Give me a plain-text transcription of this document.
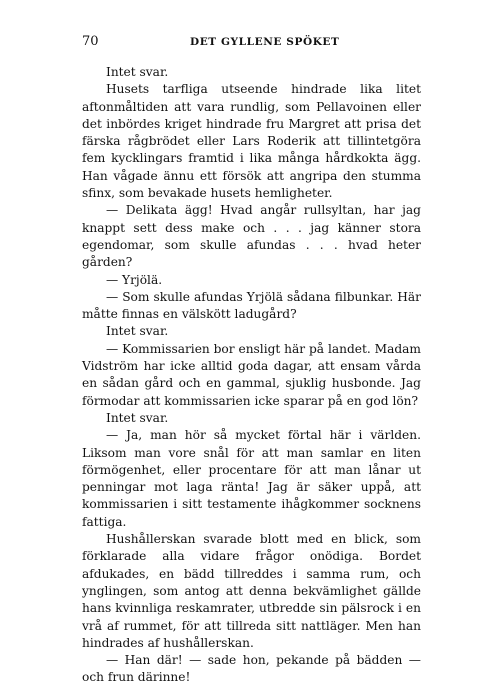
70	DET GYLLENE SPÖKET

Intet svar.

Husets tarfliga utseende hindrade lika litet aftonmåltiden att vara rundlig, som Pellavoinen eller det inbördes kriget hindrade fru Margret att prisa det färska rågbrödet eller Lars Roderik att tillintetgöra fem kycklingars framtid i lika många hårdkokta ägg. Han vågade ännu ett försök att angripa den stumma sfinx, som bevakade husets hemligheter.

— Delikata ägg! Hvad angår rullsyltan, har jag knappt sett dess make och . . . jag känner stora egendomar, som skulle afundas . . . hvad heter gården?

— Yrjölä.

— Som skulle afundas Yrjölä sådana filbunkar. Här måtte finnas en välskött ladugård?

Intet svar.

— Kommissarien bor ensligt här på landet. Madam Vidström har icke alltid goda dagar, att ensam vårda en sådan gård och en gammal, sjuklig husbonde. Jag förmodar att kommissarien icke sparar på en god lön?

Intet svar.

— Ja, man hör så mycket förtal här i världen. Liksom man vore snål för att man samlar en liten förmögenhet, eller procentare för att man lånar ut penningar mot laga ränta! Jag är säker uppå, att kommissarien i sitt testamente ihågkommer socknens fattiga.

Hushållerskan svarade blott med en blick, som förklarade alla vidare frågor onödiga. Bordet afdukades, en bädd tillreddes i samma rum, och ynglingen, som antog att denna bekvämlighet gällde hans kvinnliga reskamrater, utbredde sin pälsrock i en vrå af rummet, för att tillreda sitt nattläger. Men han hindrades af hushållerskan.

— Han där! — sade hon, pekande på bädden — och frun därinne!
